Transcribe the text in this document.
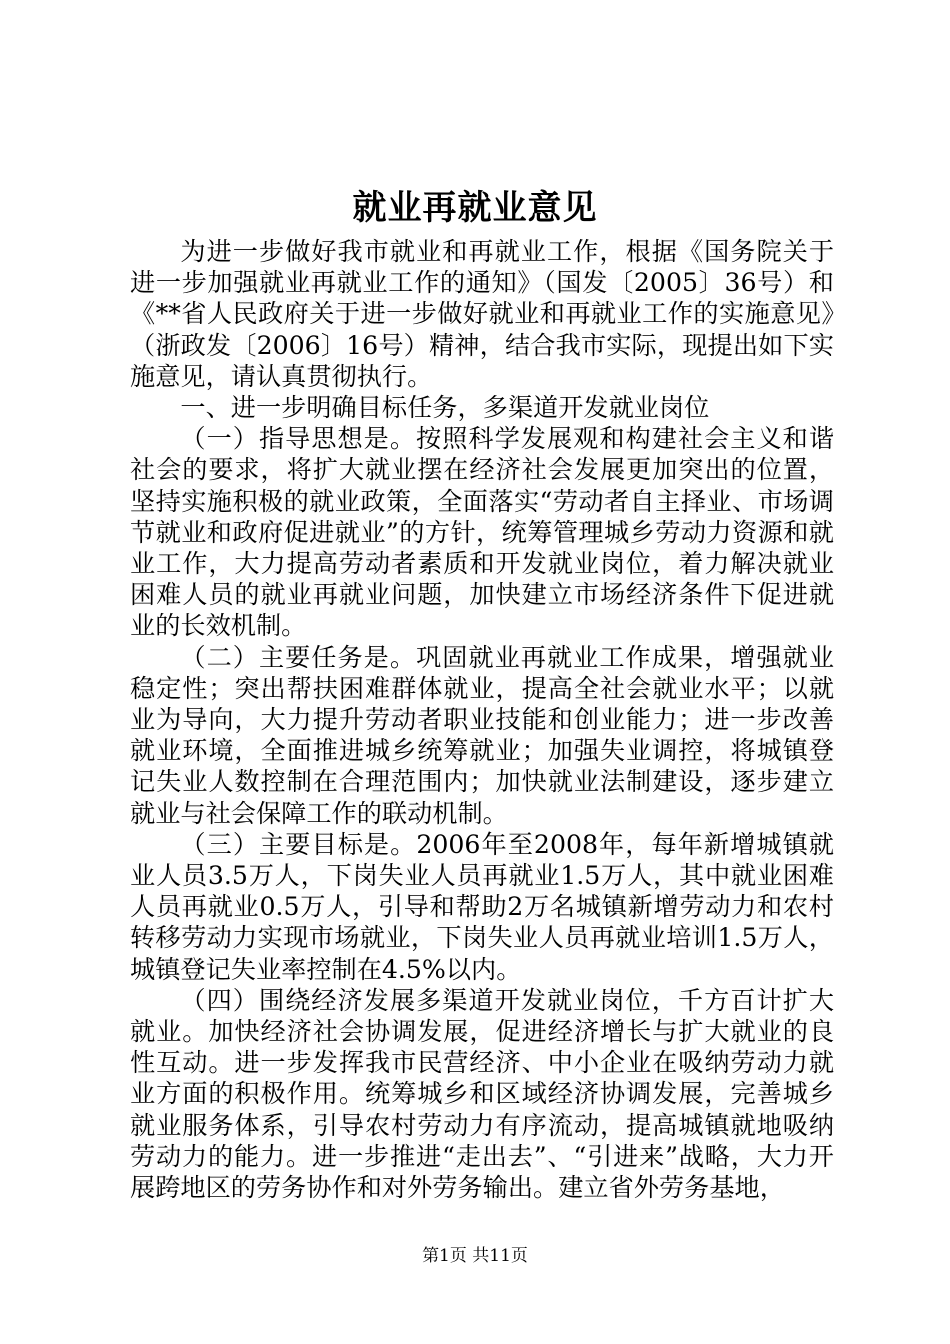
就业再就业意见

为进一步做好我市就业和再就业工作，根据《国务院关于进一步加强就业再就业工作的通知》（国发〔2005〕36号）和《**省人民政府关于进一步做好就业和再就业工作的实施意见》（浙政发〔2006〕16号）精神，结合我市实际，现提出如下实施意见，请认真贯彻执行。

一、进一步明确目标任务，多渠道开发就业岗位

（一）指导思想是。按照科学发展观和构建社会主义和谐社会的要求，将扩大就业摆在经济社会发展更加突出的位置，坚持实施积极的就业政策，全面落实“劳动者自主择业、市场调节就业和政府促进就业”的方针，统筹管理城乡劳动力资源和就业工作，大力提高劳动者素质和开发就业岗位，着力解决就业困难人员的就业再就业问题，加快建立市场经济条件下促进就业的长效机制。

（二）主要任务是。巩固就业再就业工作成果，增强就业稳定性；突出帮扶困难群体就业，提高全社会就业水平；以就业为导向，大力提升劳动者职业技能和创业能力；进一步改善就业环境，全面推进城乡统筹就业；加强失业调控，将城镇登记失业人数控制在合理范围内；加快就业法制建设，逐步建立就业与社会保障工作的联动机制。

（三）主要目标是。2006年至2008年，每年新增城镇就业人员3.5万人，下岗失业人员再就业1.5万人，其中就业困难人员再就业0.5万人，引导和帮助2万名城镇新增劳动力和农村转移劳动力实现市场就业，下岗失业人员再就业培训1.5万人，城镇登记失业率控制在4.5%以内。

（四）围绕经济发展多渠道开发就业岗位，千方百计扩大就业。加快经济社会协调发展，促进经济增长与扩大就业的良性互动。进一步发挥我市民营经济、中小企业在吸纳劳动力就业方面的积极作用。统筹城乡和区域经济协调发展，完善城乡就业服务体系，引导农村劳动力有序流动，提高城镇就地吸纳劳动力的能力。进一步推进“走出去”、“引进来”战略，大力开展跨地区的劳务协作和对外劳务输出。建立省外劳务基地，

第1页 共11页
